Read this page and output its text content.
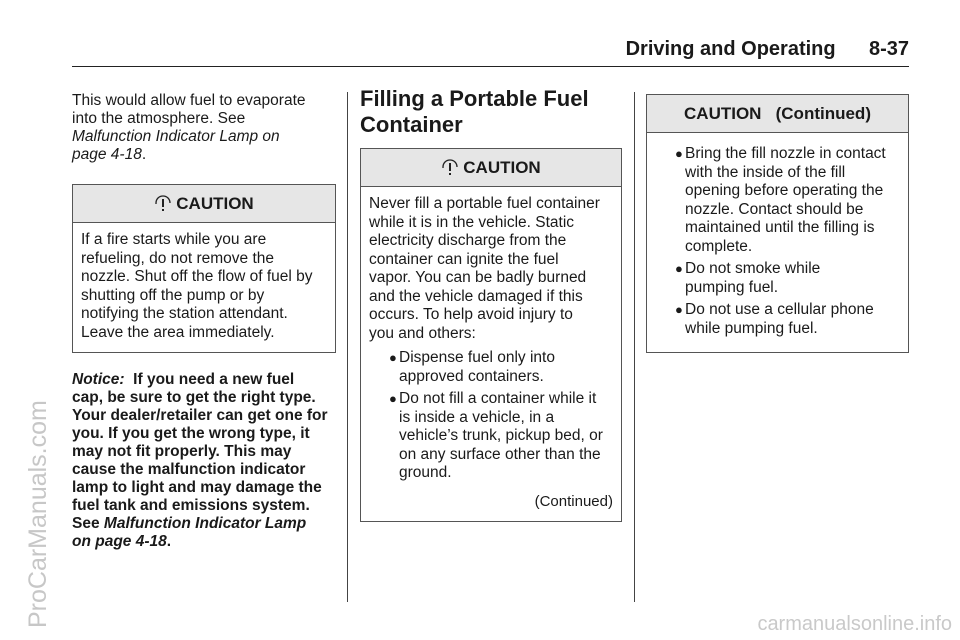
ProCarManuals.com	carmanualsonline.info
Driving and Operating 8-37

This would allow fuel to evaporate
into the atmosphere. See
Malfunction Indicator Lamp on
page 4-18.

CAUTION
If a fire starts while you are
refueling, do not remove the
nozzle. Shut off the flow of fuel by
shutting off the pump or by
notifying the station attendant.
Leave the area immediately.

Notice: If you need a new fuel
cap, be sure to get the right type.
Your dealer/retailer can get one for
you. If you get the wrong type, it
may not fit properly. This may
cause the malfunction indicator
lamp to light and may damage the
fuel tank and emissions system.
See Malfunction Indicator Lamp
on page 4-18.

Filling a Portable Fuel
Container
CAUTION
Never fill a portable fuel container
while it is in the vehicle. Static
electricity discharge from the
container can ignite the fuel
vapor. You can be badly burned
and the vehicle damaged if this
occurs. To help avoid injury to
you and others:
● Dispense fuel only into
approved containers.
● Do not fill a container while it
is inside a vehicle, in a
vehicle’s trunk, pickup bed, or
on any surface other than the
ground.
(Continued)
CAUTION   (Continued)
● Bring the fill nozzle in contact
with the inside of the fill
opening before operating the
nozzle. Contact should be
maintained until the filling is
complete.
● Do not smoke while
pumping fuel.
● Do not use a cellular phone
while pumping fuel.
